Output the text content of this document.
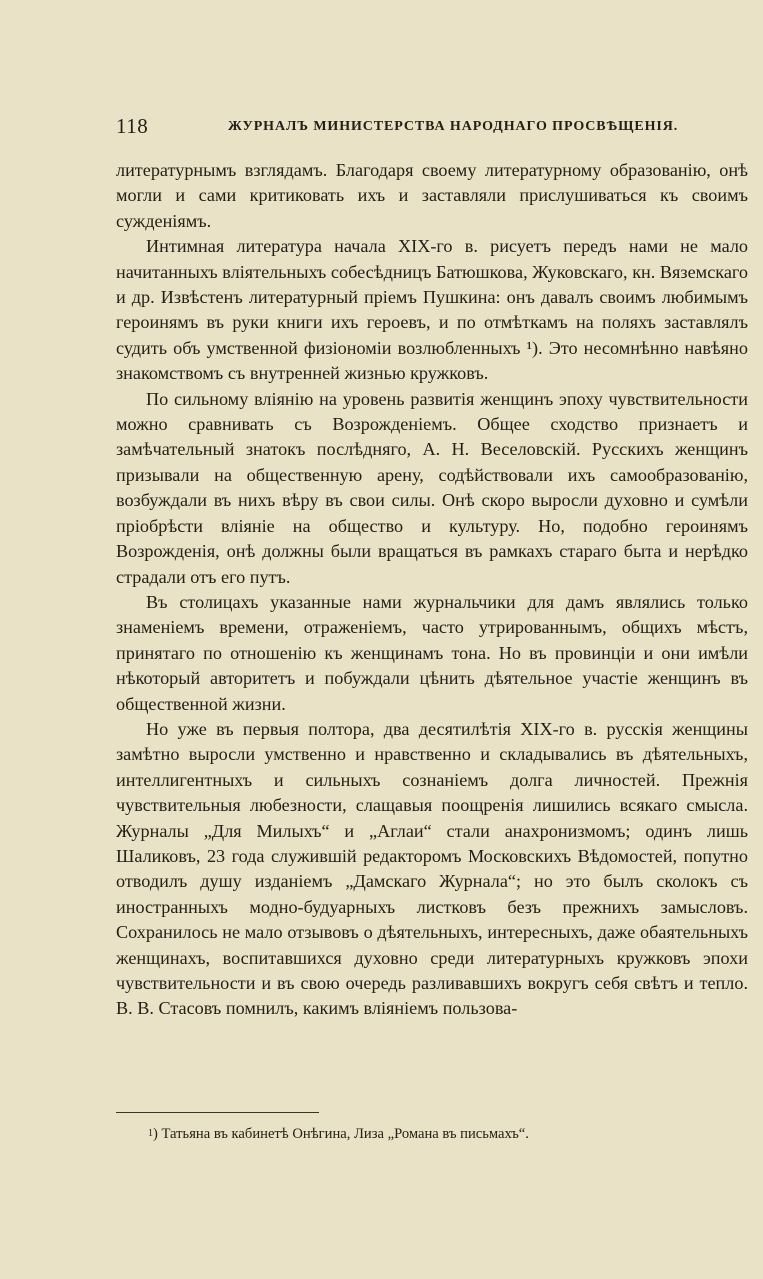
118	ЖУРНАЛЪ МИНИСТЕРСТВА НАРОДНАГО ПРОСВѢЩЕНІЯ.

литературнымъ взглядамъ. Благодаря своему литературному образованію, онѣ могли и сами критиковать ихъ и заставляли прислушиваться къ своимъ сужденіямъ.

Интимная литература начала XIX-го в. рисуетъ передъ нами не мало начитанныхъ вліятельныхъ собесѣдницъ Батюшкова, Жуковскаго, кн. Вяземскаго и др. Извѣстенъ литературный пріемъ Пушкина: онъ давалъ своимъ любимымъ героинямъ въ руки книги ихъ героевъ, и по отмѣткамъ на поляхъ заставлялъ судить объ умственной физіономіи возлюбленныхъ ¹). Это несомнѣнно навѣяно знакомствомъ съ внутренней жизнью кружковъ.

По сильному вліянію на уровень развитія женщинъ эпоху чувствительности можно сравнивать съ Возрожденіемъ. Общее сходство признаетъ и замѣчательный знатокъ послѣдняго, А. Н. Веселовскій. Русскихъ женщинъ призывали на общественную арену, содѣйствовали ихъ самообразованію, возбуждали въ нихъ вѣру въ свои силы. Онѣ скоро выросли духовно и сумѣли пріобрѣсти вліяніе на общество и культуру. Но, подобно героинямъ Возрожденія, онѣ должны были вращаться въ рамкахъ стараго быта и нерѣдко страдали отъ его путъ.

Въ столицахъ указанные нами журнальчики для дамъ являлись только знаменіемъ времени, отраженіемъ, часто утрированнымъ, общихъ мѣстъ, принятаго по отношенію къ женщинамъ тона. Но въ провинціи и они имѣли нѣкоторый авторитетъ и побуждали цѣнить дѣятельное участіе женщинъ въ общественной жизни.

Но уже въ первыя полтора, два десятилѣтія XIX-го в. русскія женщины замѣтно выросли умственно и нравственно и складывались въ дѣятельныхъ, интеллигентныхъ и сильныхъ сознаніемъ долга личностей. Прежнія чувствительныя любезности, слащавыя поощренія лишились всякаго смысла. Журналы „Для Милыхъ“ и „Аглаи“ стали анахронизмомъ; одинъ лишь Шаликовъ, 23 года служившій редакторомъ Московскихъ Вѣдомостей, попутно отводилъ душу изданіемъ „Дамскаго Журнала“; но это былъ сколокъ съ иностранныхъ модно-будуарныхъ листковъ безъ прежнихъ замысловъ. Сохранилось не мало отзывовъ о дѣятельныхъ, интересныхъ, даже обаятельныхъ женщинахъ, воспитавшихся духовно среди литературныхъ кружковъ эпохи чувствительности и въ свою очередь разливавшихъ вокругъ себя свѣтъ и тепло. В. В. Стасовъ помнилъ, какимъ вліяніемъ пользова-

$^1$) Татьяна въ кабинетѣ Онѣгина, Лиза „Романа въ письмахъ“.
